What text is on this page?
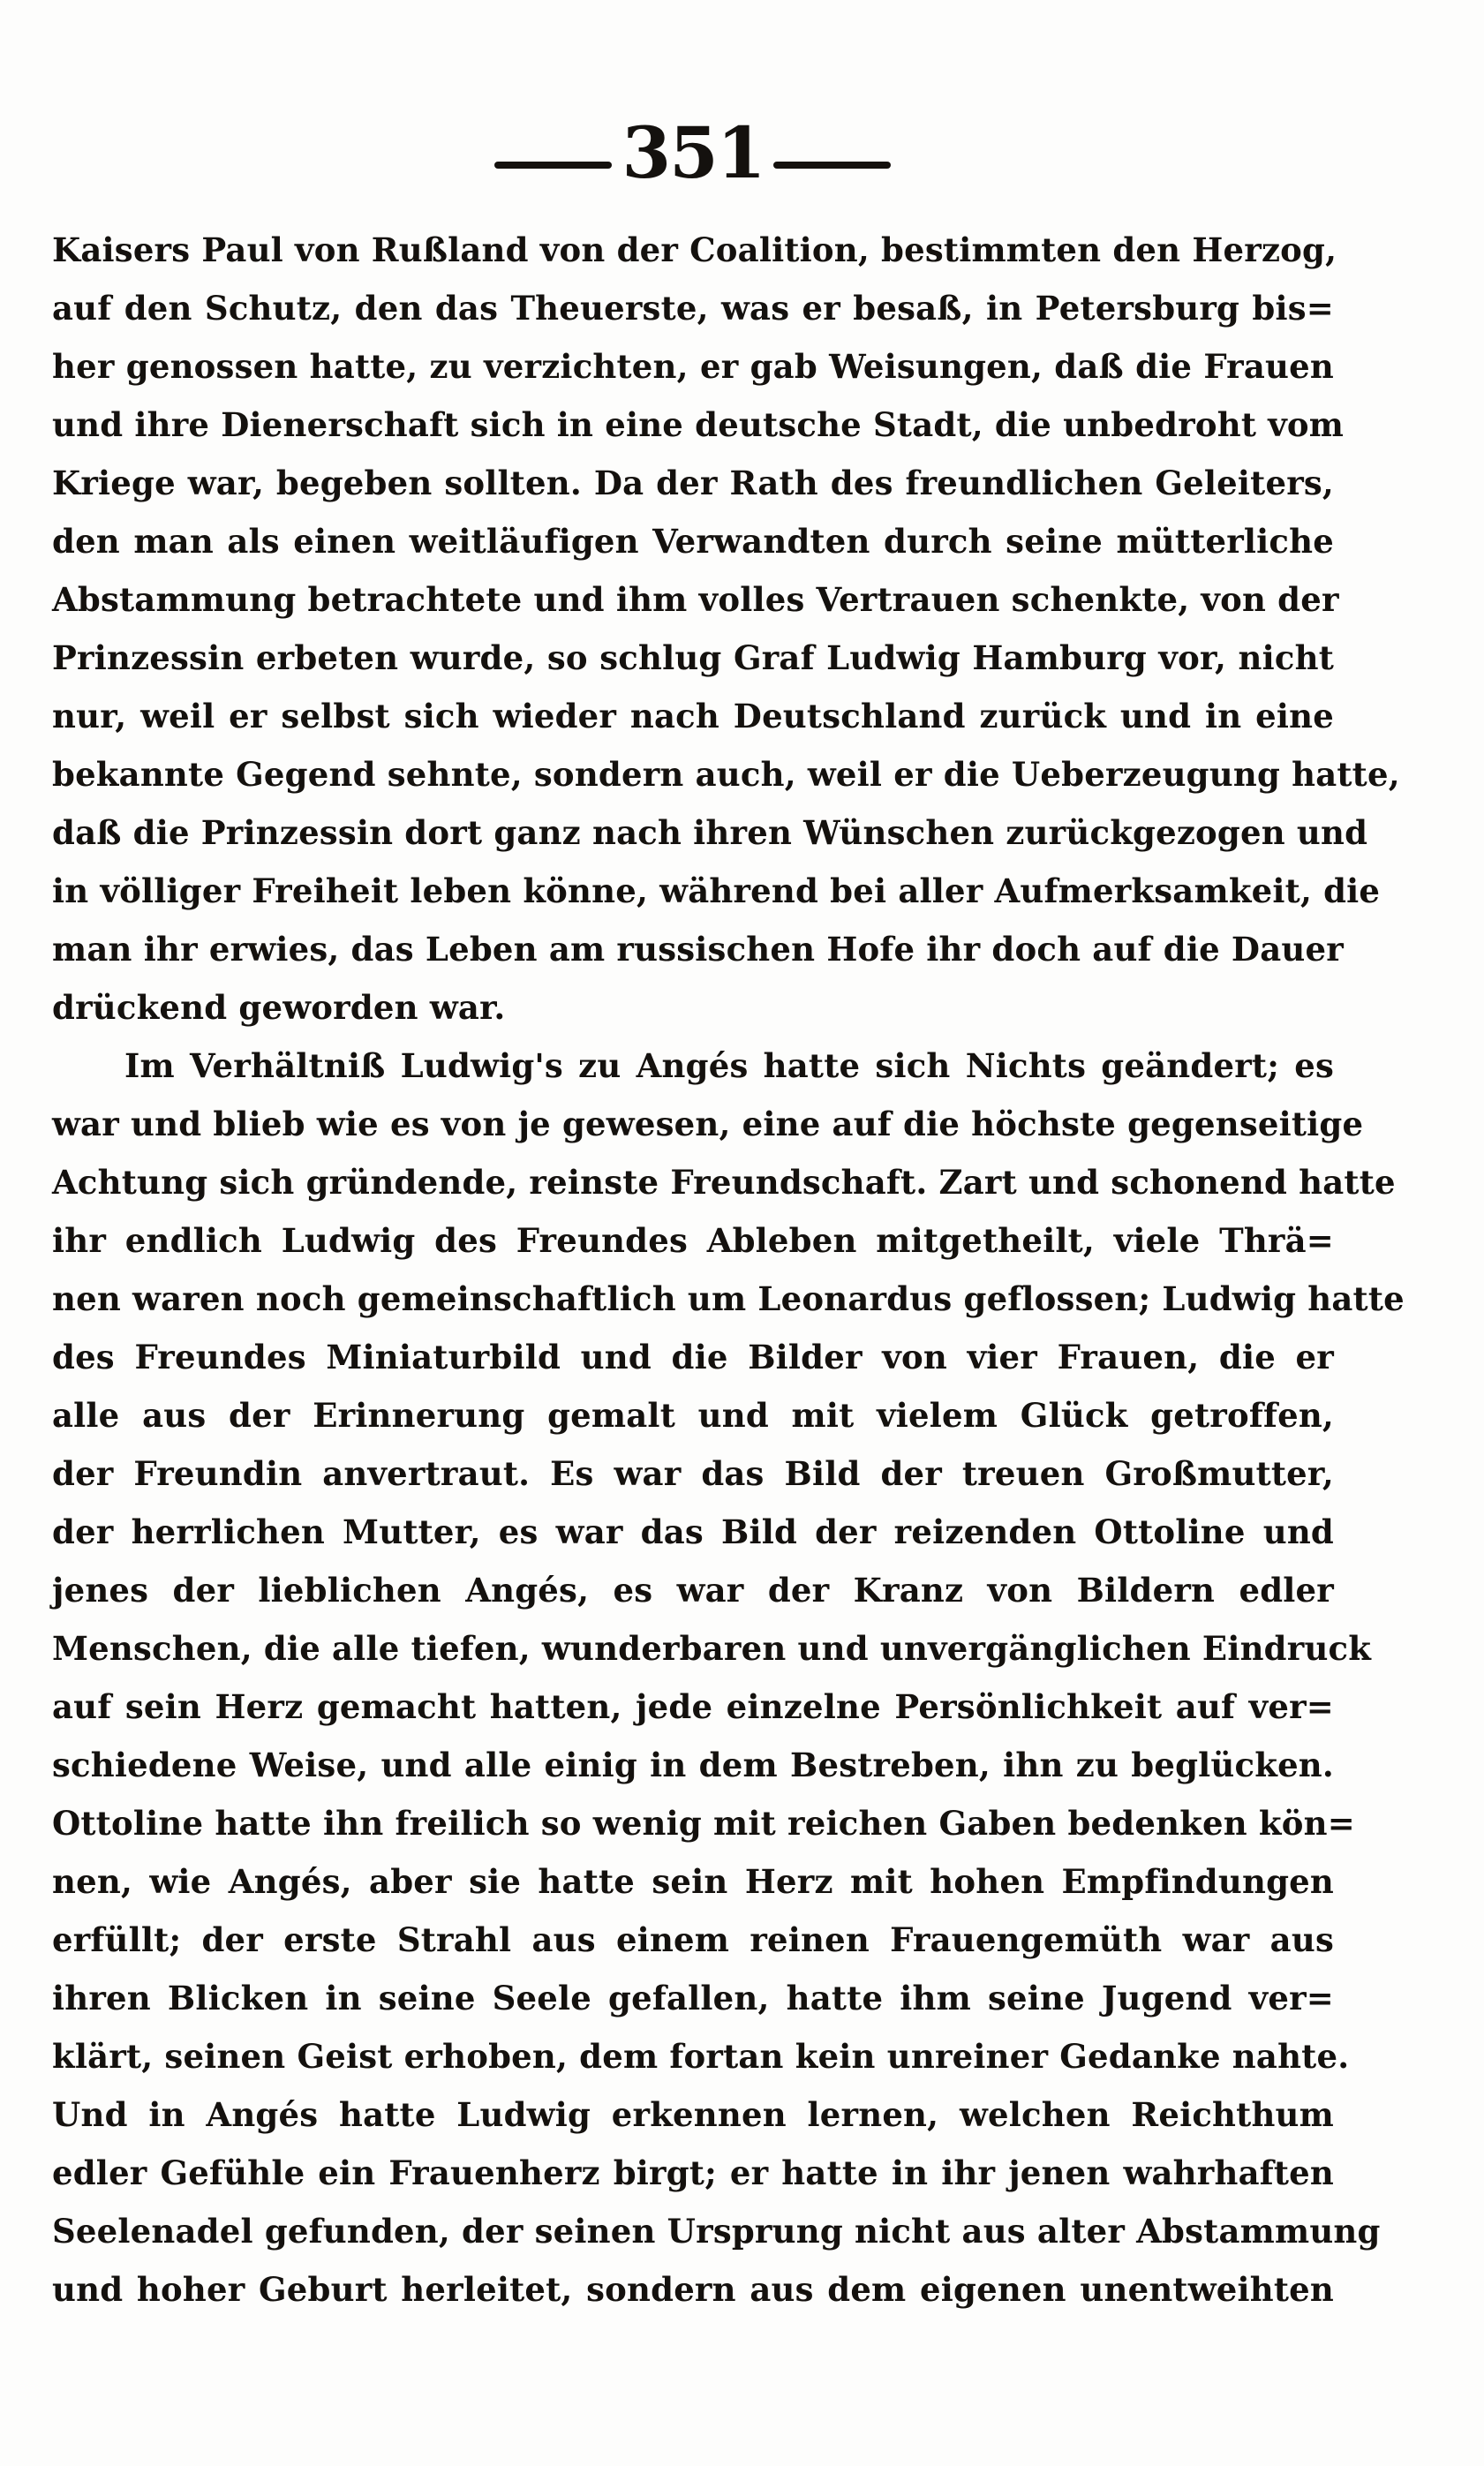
351
Kaisers Paul von Rußland von der Coalition, bestimmten den Herzog,
auf den Schutz, den das Theuerste, was er besaß, in Petersburg bis=
her genossen hatte, zu verzichten, er gab Weisungen, daß die Frauen
und ihre Dienerschaft sich in eine deutsche Stadt, die unbedroht vom
Kriege war, begeben sollten. Da der Rath des freundlichen Geleiters,
den man als einen weitläufigen Verwandten durch seine mütterliche
Abstammung betrachtete und ihm volles Vertrauen schenkte, von der
Prinzessin erbeten wurde, so schlug Graf Ludwig Hamburg vor, nicht
nur, weil er selbst sich wieder nach Deutschland zurück und in eine
bekannte Gegend sehnte, sondern auch, weil er die Ueberzeugung hatte,
daß die Prinzessin dort ganz nach ihren Wünschen zurückgezogen und
in völliger Freiheit leben könne, während bei aller Aufmerksamkeit, die
man ihr erwies, das Leben am russischen Hofe ihr doch auf die Dauer
drückend geworden war.
Im Verhältniß Ludwig's zu Angés hatte sich Nichts geändert; es
war und blieb wie es von je gewesen, eine auf die höchste gegenseitige
Achtung sich gründende, reinste Freundschaft. Zart und schonend hatte
ihr endlich Ludwig des Freundes Ableben mitgetheilt, viele Thrä=
nen waren noch gemeinschaftlich um Leonardus geflossen; Ludwig hatte
des Freundes Miniaturbild und die Bilder von vier Frauen, die er
alle aus der Erinnerung gemalt und mit vielem Glück getroffen,
der Freundin anvertraut. Es war das Bild der treuen Großmutter,
der herrlichen Mutter, es war das Bild der reizenden Ottoline und
jenes der lieblichen Angés, es war der Kranz von Bildern edler
Menschen, die alle tiefen, wunderbaren und unvergänglichen Eindruck
auf sein Herz gemacht hatten, jede einzelne Persönlichkeit auf ver=
schiedene Weise, und alle einig in dem Bestreben, ihn zu beglücken.
Ottoline hatte ihn freilich so wenig mit reichen Gaben bedenken kön=
nen, wie Angés, aber sie hatte sein Herz mit hohen Empfindungen
erfüllt; der erste Strahl aus einem reinen Frauengemüth war aus
ihren Blicken in seine Seele gefallen, hatte ihm seine Jugend ver=
klärt, seinen Geist erhoben, dem fortan kein unreiner Gedanke nahte.
Und in Angés hatte Ludwig erkennen lernen, welchen Reichthum
edler Gefühle ein Frauenherz birgt; er hatte in ihr jenen wahrhaften
Seelenadel gefunden, der seinen Ursprung nicht aus alter Abstammung
und hoher Geburt herleitet, sondern aus dem eigenen unentweihten
